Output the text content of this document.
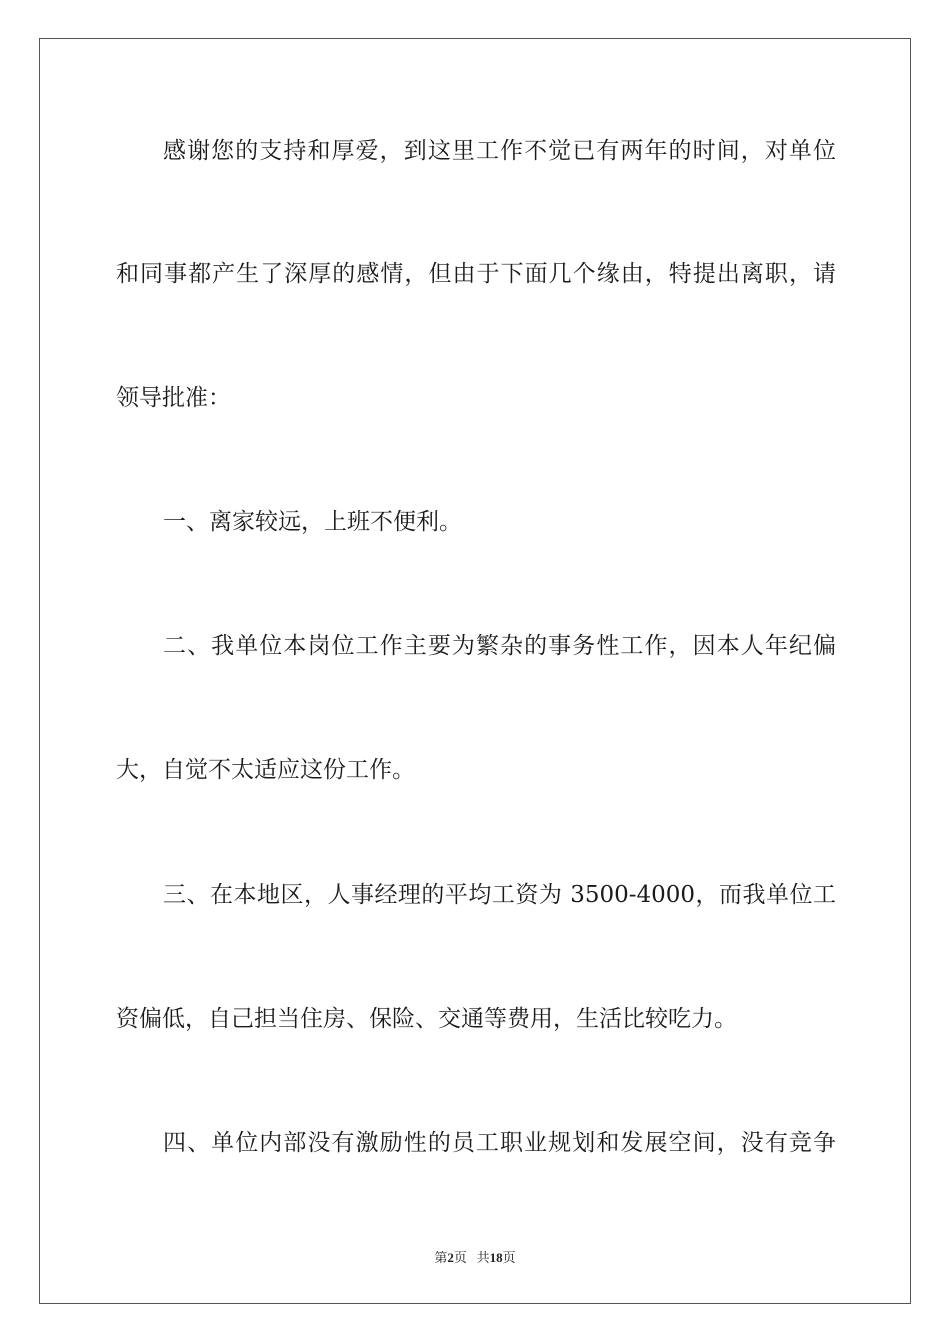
感谢您的支持和厚爱，到这里工作不觉已有两年的时间，对单位
和同事都产生了深厚的感情，但由于下面几个缘由，特提出离职，请
领导批准：
一、离家较远，上班不便利。
二、我单位本岗位工作主要为繁杂的事务性工作，因本人年纪偏
大，自觉不太适应这份工作。
三、在本地区，人事经理的平均工资为 3500-4000，而我单位工
资偏低，自己担当住房、保险、交通等费用，生活比较吃力。
四、单位内部没有激励性的员工职业规划和发展空间，没有竞争
第2页 共18页
